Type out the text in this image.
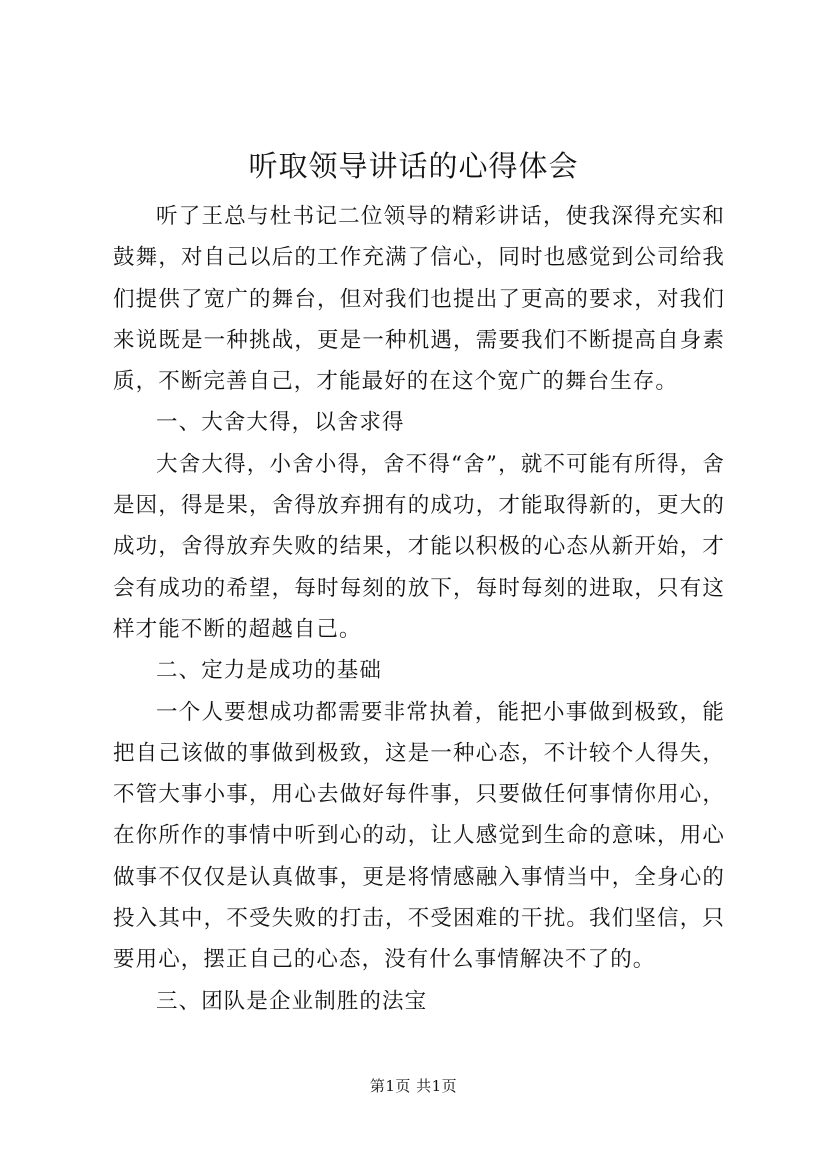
听取领导讲话的心得体会

听了王总与杜书记二位领导的精彩讲话，使我深得充实和鼓舞，对自己以后的工作充满了信心，同时也感觉到公司给我们提供了宽广的舞台，但对我们也提出了更高的要求，对我们来说既是一种挑战，更是一种机遇，需要我们不断提高自身素质，不断完善自己，才能最好的在这个宽广的舞台生存。

一、大舍大得，以舍求得

大舍大得，小舍小得，舍不得“舍”，就不可能有所得，舍是因，得是果，舍得放弃拥有的成功，才能取得新的，更大的成功，舍得放弃失败的结果，才能以积极的心态从新开始，才会有成功的希望，每时每刻的放下，每时每刻的进取，只有这样才能不断的超越自己。

二、定力是成功的基础

一个人要想成功都需要非常执着，能把小事做到极致，能把自己该做的事做到极致，这是一种心态，不计较个人得失，不管大事小事，用心去做好每件事，只要做任何事情你用心，在你所作的事情中听到心的动，让人感觉到生命的意味，用心做事不仅仅是认真做事，更是将情感融入事情当中，全身心的投入其中，不受失败的打击，不受困难的干扰。我们坚信，只要用心，摆正自己的心态，没有什么事情解决不了的。

三、团队是企业制胜的法宝

第1页 共1页
